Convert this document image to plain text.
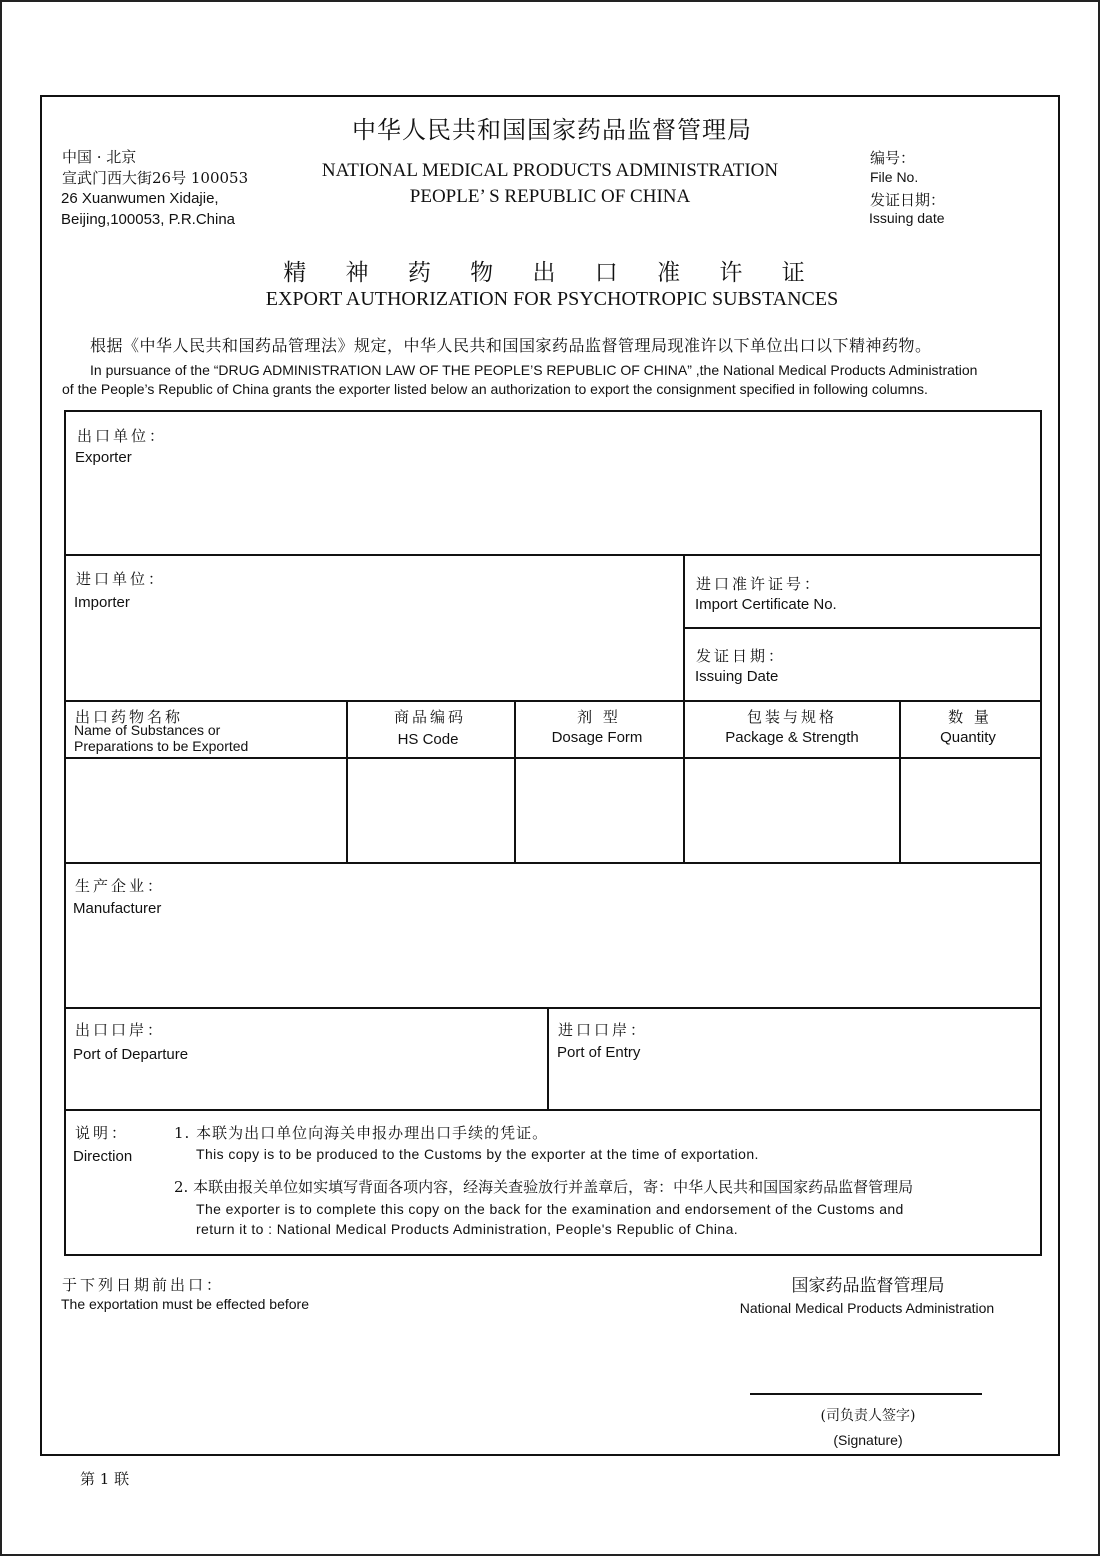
中华人民共和国国家药品监督管理局
NATIONAL MEDICAL PRODUCTS ADMINISTRATION
PEOPLE’ S REPUBLIC OF CHINA
中国 · 北京
宣武门西大街26号 100053
26 Xuanwumen Xidajie,
Beijing,100053, P.R.China
编号：
File No.
发证日期：
Issuing date
精 神 药 物 出 口 准 许 证
EXPORT AUTHORIZATION FOR PSYCHOTROPIC SUBSTANCES
根据《中华人民共和国药品管理法》规定，中华人民共和国国家药品监督管理局现准许以下单位出口以下精神药物。
In pursuance of the “DRUG ADMINISTRATION LAW OF THE PEOPLE’S REPUBLIC OF CHINA” ,the National Medical Products Administration
of the People’s Republic of China grants the exporter listed below an authorization to export the consignment specified in following columns.
出口单位：
Exporter
进口单位：
Importer
进口准许证号：
Import Certificate No.
发证日期：
Issuing Date
出口药物名称
Name of Substances or
Preparations to be Exported
商品编码
HS Code
剂 型
Dosage Form
包装与规格
Package & Strength
数 量
Quantity
生产企业：
Manufacturer
出口口岸：
Port of Departure
进口口岸：
Port of Entry
说明：
Direction
1. 本联为出口单位向海关申报办理出口手续的凭证。
This copy is to be produced to the Customs by the exporter at the time of exportation.
2. 本联由报关单位如实填写背面各项内容，经海关查验放行并盖章后，寄：中华人民共和国国家药品监督管理局
The exporter is to complete this copy on the back for the examination and endorsement of the Customs and
return it to : National Medical Products Administration, People's Republic of China.
于下列日期前出口：
The exportation must be effected before
国家药品监督管理局
National Medical Products Administration
(司负责人签字)
(Signature)
第 1 联
